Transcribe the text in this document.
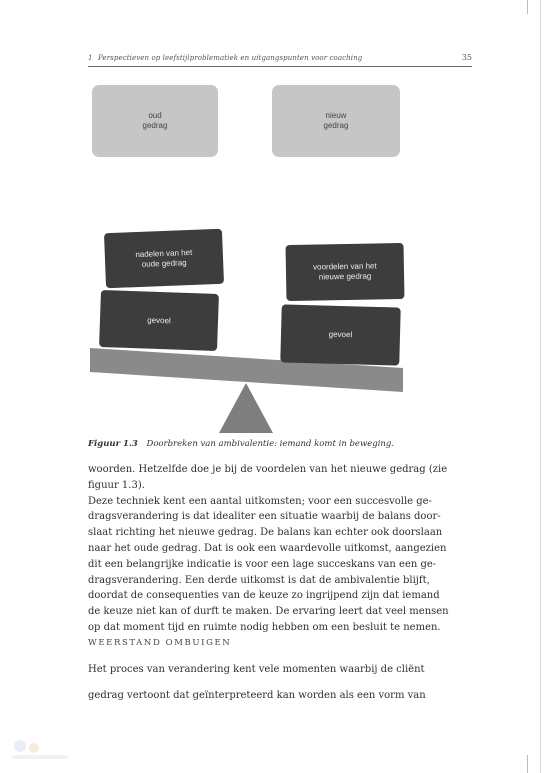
1 Perspectieven op leefstijlproblematiek en uitgangspunten voor coaching	35
oud
gedrag
nieuw
gedrag
nadelen van het
oude gedrag
gevoel
voordelen van het
nieuwe gedrag
gevoel
Figuur 1.3 Doorbreken van ambivalentie: iemand komt in beweging.

woorden. Hetzelfde doe je bij de voordelen van het nieuwe gedrag (zie

figuur 1.3).

Deze techniek kent een aantal uitkomsten; voor een succesvolle ge-

dragsverandering is dat idealiter een situatie waarbij de balans door-

slaat richting het nieuwe gedrag. De balans kan echter ook doorslaan

naar het oude gedrag. Dat is ook een waardevolle uitkomst, aangezien

dit een belangrijke indicatie is voor een lage succeskans van een ge-

dragsverandering. Een derde uitkomst is dat de ambivalentie blijft,

doordat de consequenties van de keuze zo ingrijpend zijn dat iemand

de keuze niet kan of durft te maken. De ervaring leert dat veel mensen

op dat moment tijd en ruimte nodig hebben om een besluit te nemen.

WEERSTAND OMBUIGEN

Het proces van verandering kent vele momenten waarbij de cliënt

gedrag vertoont dat geïnterpreteerd kan worden als een vorm van
